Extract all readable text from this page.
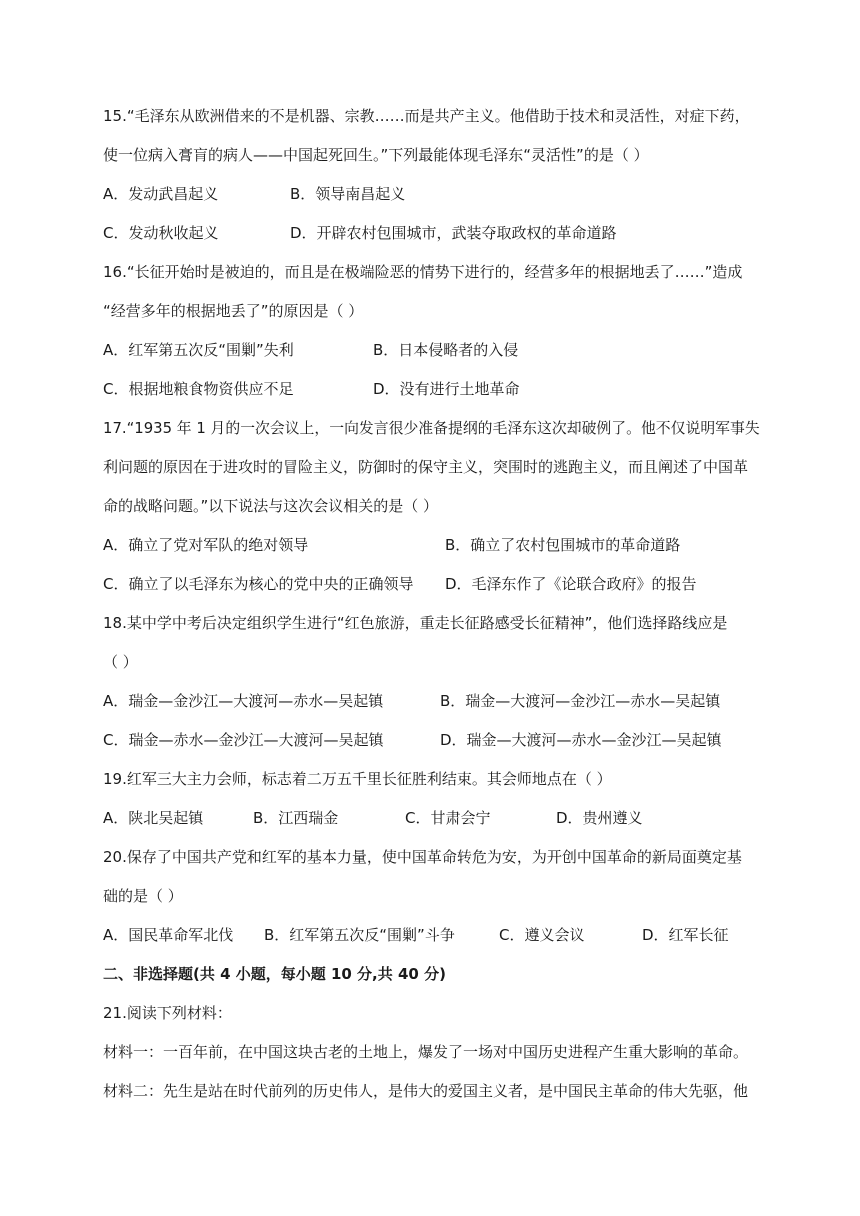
15.“毛泽东从欧洲借来的不是机器、宗教……而是共产主义。他借助于技术和灵活性，对症下药，
使一位病入膏肓的病人——中国起死回生。”下列最能体现毛泽东“灵活性”的是（ ）
A．发动武昌起义	B．领导南昌起义
C．发动秋收起义	D．开辟农村包围城市，武装夺取政权的革命道路
16.“长征开始时是被迫的，而且是在极端险恶的情势下进行的，经营多年的根据地丢了……”造成
“经营多年的根据地丢了”的原因是（ ）
A．红军第五次反“围剿”失利	B．日本侵略者的入侵
C．根据地粮食物资供应不足	D．没有进行土地革命
17.“1935 年 1 月的一次会议上，一向发言很少准备提纲的毛泽东这次却破例了。他不仅说明军事失
利问题的原因在于进攻时的冒险主义，防御时的保守主义，突围时的逃跑主义，而且阐述了中国革
命的战略问题。”以下说法与这次会议相关的是（ ）
A．确立了党对军队的绝对领导	B．确立了农村包围城市的革命道路
C．确立了以毛泽东为核心的党中央的正确领导 D．毛泽东作了《论联合政府》的报告
18.某中学中考后决定组织学生进行“红色旅游，重走长征路感受长征精神”，他们选择路线应是
（ ）
A．瑞金—金沙江—大渡河—赤水—吴起镇	B．瑞金—大渡河—金沙江—赤水—吴起镇
C．瑞金—赤水—金沙江—大渡河—吴起镇	D．瑞金—大渡河—赤水—金沙江—吴起镇
19.红军三大主力会师，标志着二万五千里长征胜利结束。其会师地点在（ ）
A．陕北吴起镇	B．江西瑞金	C．甘肃会宁	D．贵州遵义
20.保存了中国共产党和红军的基本力量，使中国革命转危为安，为开创中国革命的新局面奠定基
础的是（ ）
A．国民革命军北伐 B．红军第五次反“围剿”斗争	C．遵义会议	D．红军长征
二、非选择题(共 4 小题，每小题 10 分,共 40 分)
21.阅读下列材料：
材料一：一百年前，在中国这块古老的土地上，爆发了一场对中国历史进程产生重大影响的革命。
材料二：先生是站在时代前列的历史伟人，是伟大的爱国主义者，是中国民主革命的伟大先驱，他
